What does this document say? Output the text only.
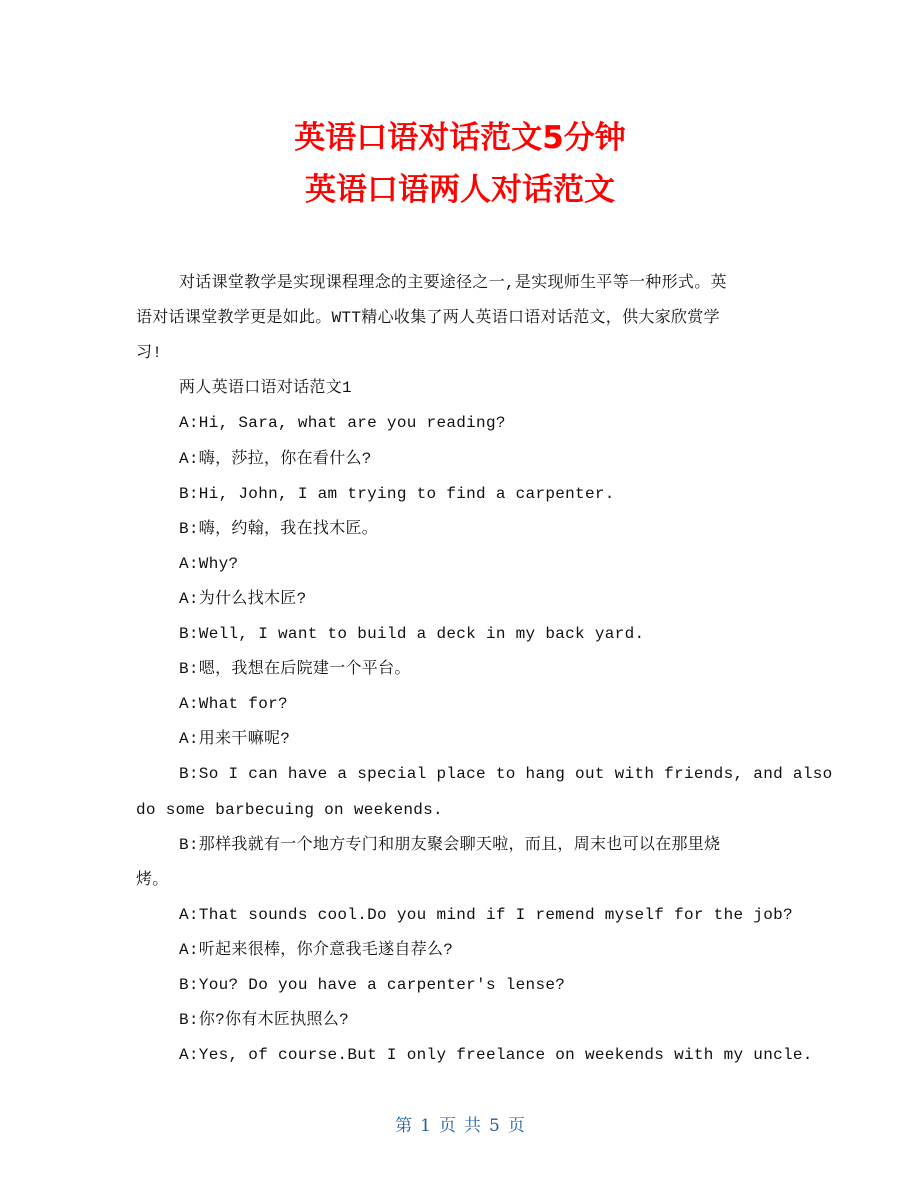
英语口语对话范文5分钟
英语口语两人对话范文
对话课堂教学是实现课程理念的主要途径之一,是实现师生平等一种形式。英
语对话课堂教学更是如此。WTT精心收集了两人英语口语对话范文，供大家欣赏学
习!
两人英语口语对话范文1
A:Hi, Sara, what are you reading?
A:嗨，莎拉，你在看什么?
B:Hi, John, I am trying to find a carpenter.
B:嗨，约翰，我在找木匠。
A:Why?
A:为什么找木匠?
B:Well, I want to build a deck in my back yard.
B:嗯，我想在后院建一个平台。
A:What for?
A:用来干嘛呢?
B:So I can have a special place to hang out with friends, and also
do some barbecuing on weekends.
B:那样我就有一个地方专门和朋友聚会聊天啦，而且，周末也可以在那里烧
烤。
A:That sounds cool.Do you mind if I remend myself for the job?
A:听起来很棒，你介意我毛遂自荐么?
B:You? Do you have a carpenter's lense?
B:你?你有木匠执照么?
A:Yes, of course.But I only freelance on weekends with my uncle.
第 1 页 共 5 页
